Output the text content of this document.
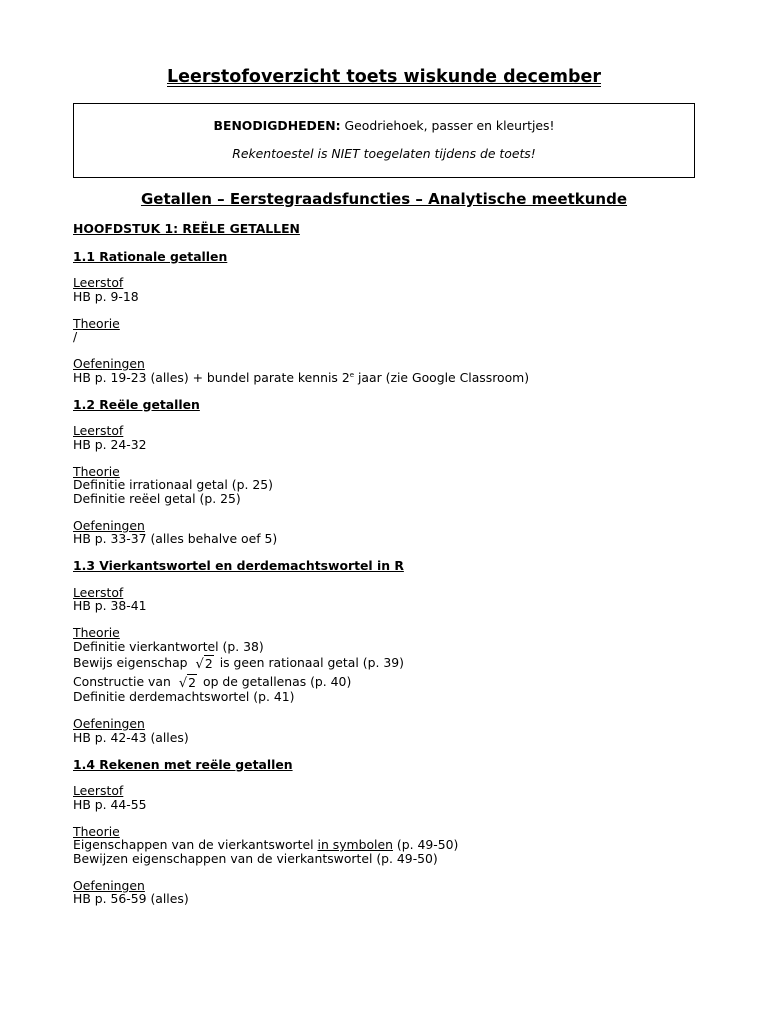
Leerstofoverzicht toets wiskunde december
BENODIGDHEDEN: Geodriehoek, passer en kleurtjes!
Rekentoestel is NIET toegelaten tijdens de toets!
Getallen – Eerstegraadsfuncties – Analytische meetkunde
HOOFDSTUK 1: REËLE GETALLEN
1.1 Rationale getallen
Leerstof
HB p. 9-18
Theorie
/
Oefeningen
HB p. 19-23 (alles) + bundel parate kennis 2e jaar (zie Google Classroom)
1.2 Reële getallen
Leerstof
HB p. 24-32
Theorie
Definitie irrationaal getal (p. 25)
Definitie reëel getal (p. 25)
Oefeningen
HB p. 33-37 (alles behalve oef 5)
1.3 Vierkantswortel en derdemachtswortel in R
Leerstof
HB p. 38-41
Theorie
Definitie vierkantwortel (p. 38)
Bewijs eigenschap √2 is geen rationaal getal (p. 39)
Constructie van √2 op de getallenas (p. 40)
Definitie derdemachtswortel (p. 41)
Oefeningen
HB p. 42-43 (alles)
1.4 Rekenen met reële getallen
Leerstof
HB p. 44-55
Theorie
Eigenschappen van de vierkantswortel in symbolen (p. 49-50)
Bewijzen eigenschappen van de vierkantswortel (p. 49-50)
Oefeningen
HB p. 56-59 (alles)
